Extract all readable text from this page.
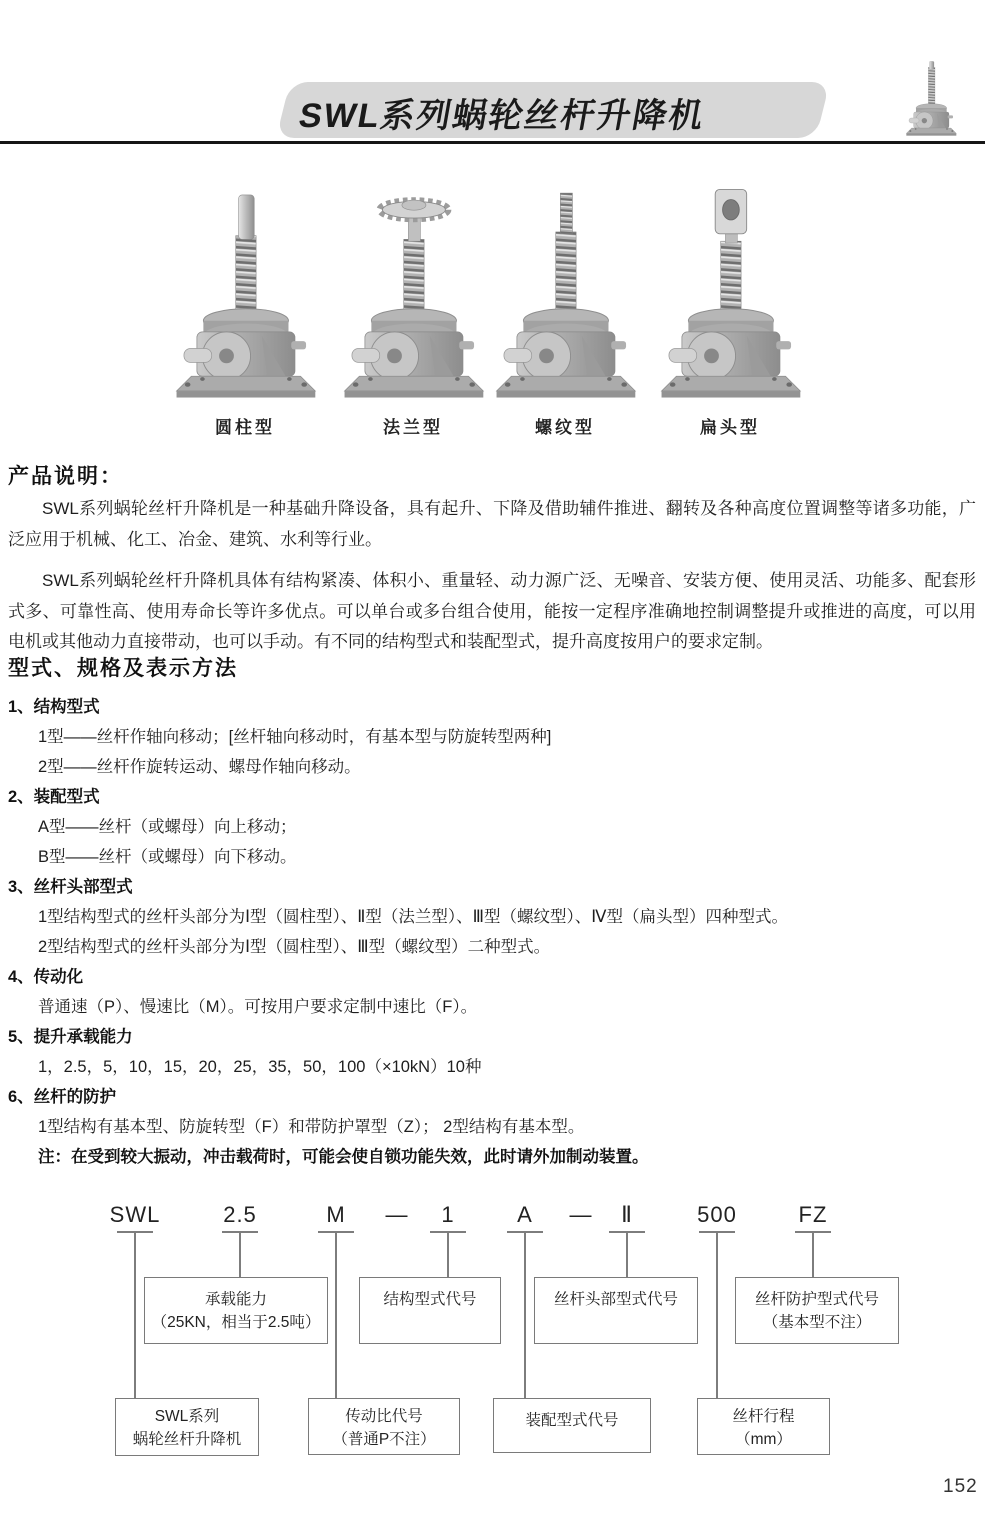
SWL系列蜗轮丝杆升降机
圆柱型	法兰型	螺纹型	扁头型
产品说明：

SWL系列蜗轮丝杆升降机是一种基础升降设备，具有起升、下降及借助辅件推进、翻转及各种高度位置调整等诸多功能，广泛应用于机械、化工、冶金、建筑、水利等行业。

SWL系列蜗轮丝杆升降机具体有结构紧凑、体积小、重量轻、动力源广泛、无噪音、安装方便、使用灵活、功能多、配套形式多、可靠性高、使用寿命长等许多优点。可以单台或多台组合使用，能按一定程序准确地控制调整提升或推进的高度，可以用电机或其他动力直接带动，也可以手动。有不同的结构型式和装配型式，提升高度按用户的要求定制。

型式、规格及表示方法
1、结构型式
1型——丝杆作轴向移动；[丝杆轴向移动时，有基本型与防旋转型两种]
2型——丝杆作旋转运动、螺母作轴向移动。
2、装配型式
A型——丝杆（或螺母）向上移动；
B型——丝杆（或螺母）向下移动。
3、丝杆头部型式
1型结构型式的丝杆头部分为Ⅰ型（圆柱型）、Ⅱ型（法兰型）、Ⅲ型（螺纹型）、Ⅳ型（扁头型）四种型式。
2型结构型式的丝杆头部分为Ⅰ型（圆柱型）、Ⅲ型（螺纹型）二种型式。
4、传动化
普通速（P）、慢速比（M）。可按用户要求定制中速比（F）。
5、提升承载能力
1，2.5，5，10，15，20，25，35，50，100（×10kN）10种
6、丝杆的防护
1型结构有基本型、防旋转型（F）和带防护罩型（Z）； 2型结构有基本型。
注：在受到较大振动，冲击载荷时，可能会使自锁功能失效，此时请外加制动装置。
SWL	2.5	M — 1	A — Ⅱ	500	FZ
承载能力
（25KN，相当于2.5吨）
结构型式代号	丝杆头部型式代号	丝杆防护型式代号
（基本型不注）
SWL系列
蜗轮丝杆升降机
传动比代号
（普通P不注）
装配型式代号	丝杆行程
（mm）
152
